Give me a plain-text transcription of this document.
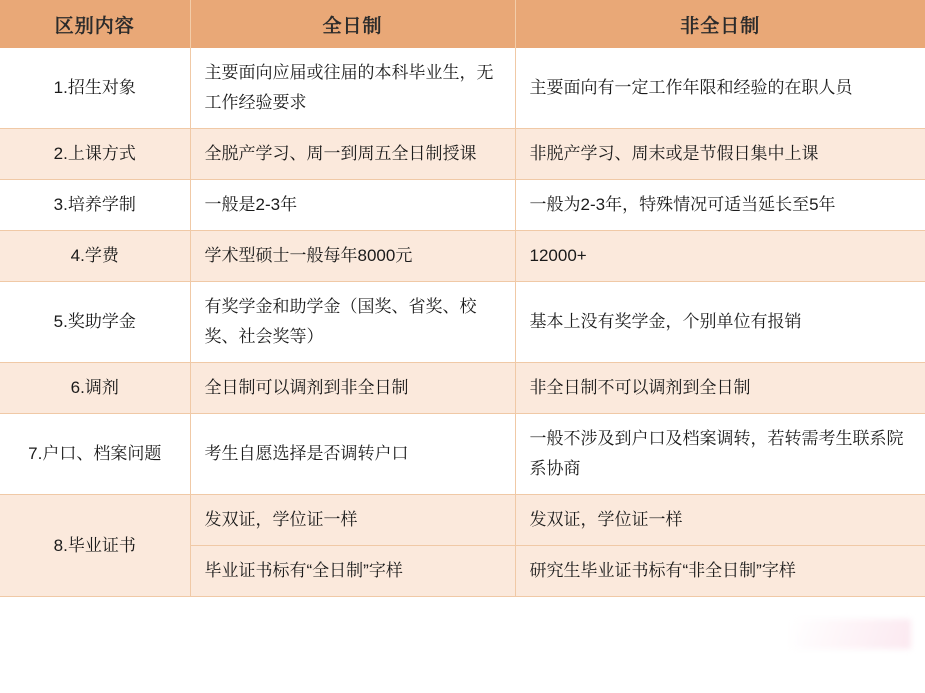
区别内容	全日制	非全日制
1.招生对象	主要面向应届或往届的本科毕业生，无工作经验要求	主要面向有一定工作年限和经验的在职人员
2.上课方式	全脱产学习、周一到周五全日制授课	非脱产学习、周末或是节假日集中上课
3.培养学制	一般是2-3年	一般为2-3年，特殊情况可适当延长至5年
4.学费	学术型硕士一般每年8000元	12000+
5.奖助学金	有奖学金和助学金（国奖、省奖、校奖、社会奖等）	基本上没有奖学金，个别单位有报销
6.调剂	全日制可以调剂到非全日制	非全日制不可以调剂到全日制
7.户口、档案问题	考生自愿选择是否调转户口	一般不涉及到户口及档案调转，若转需考生联系院系协商
8.毕业证书	发双证，学位证一样	发双证，学位证一样
	毕业证书标有“全日制”字样	研究生毕业证书标有“非全日制”字样
